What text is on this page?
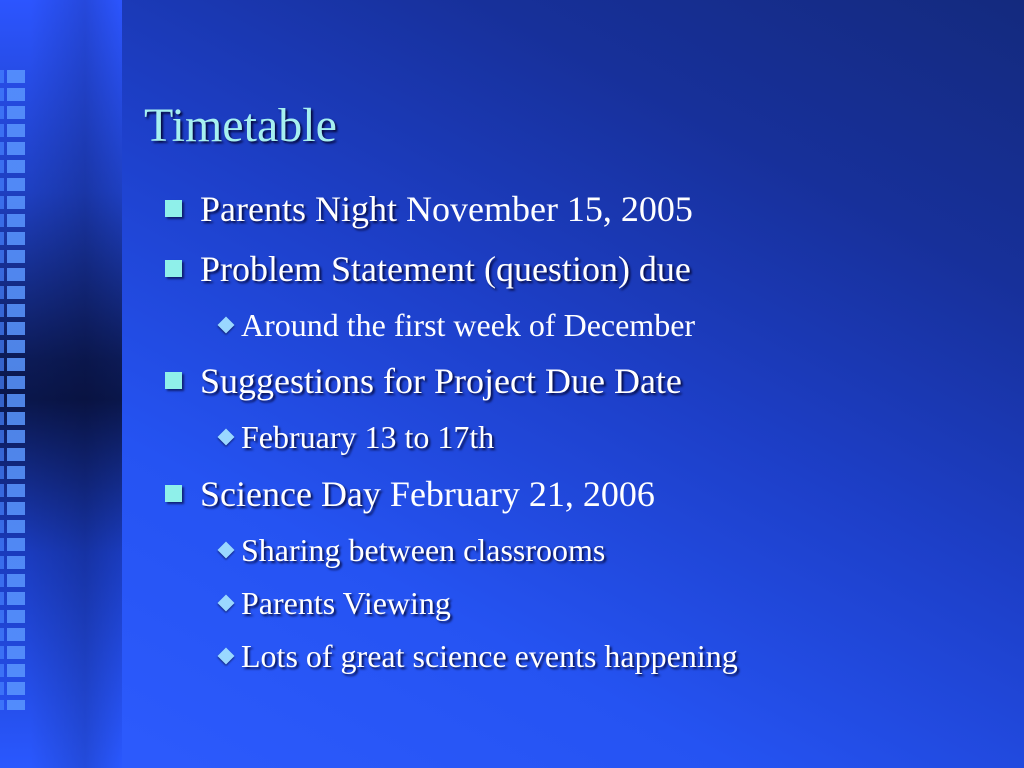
Timetable
Parents Night November 15, 2005
Problem Statement (question) due
Around the first week of December
Suggestions for Project Due Date
February 13 to 17th
Science Day February 21, 2006
Sharing between classrooms
Parents Viewing
Lots of great science events happening
